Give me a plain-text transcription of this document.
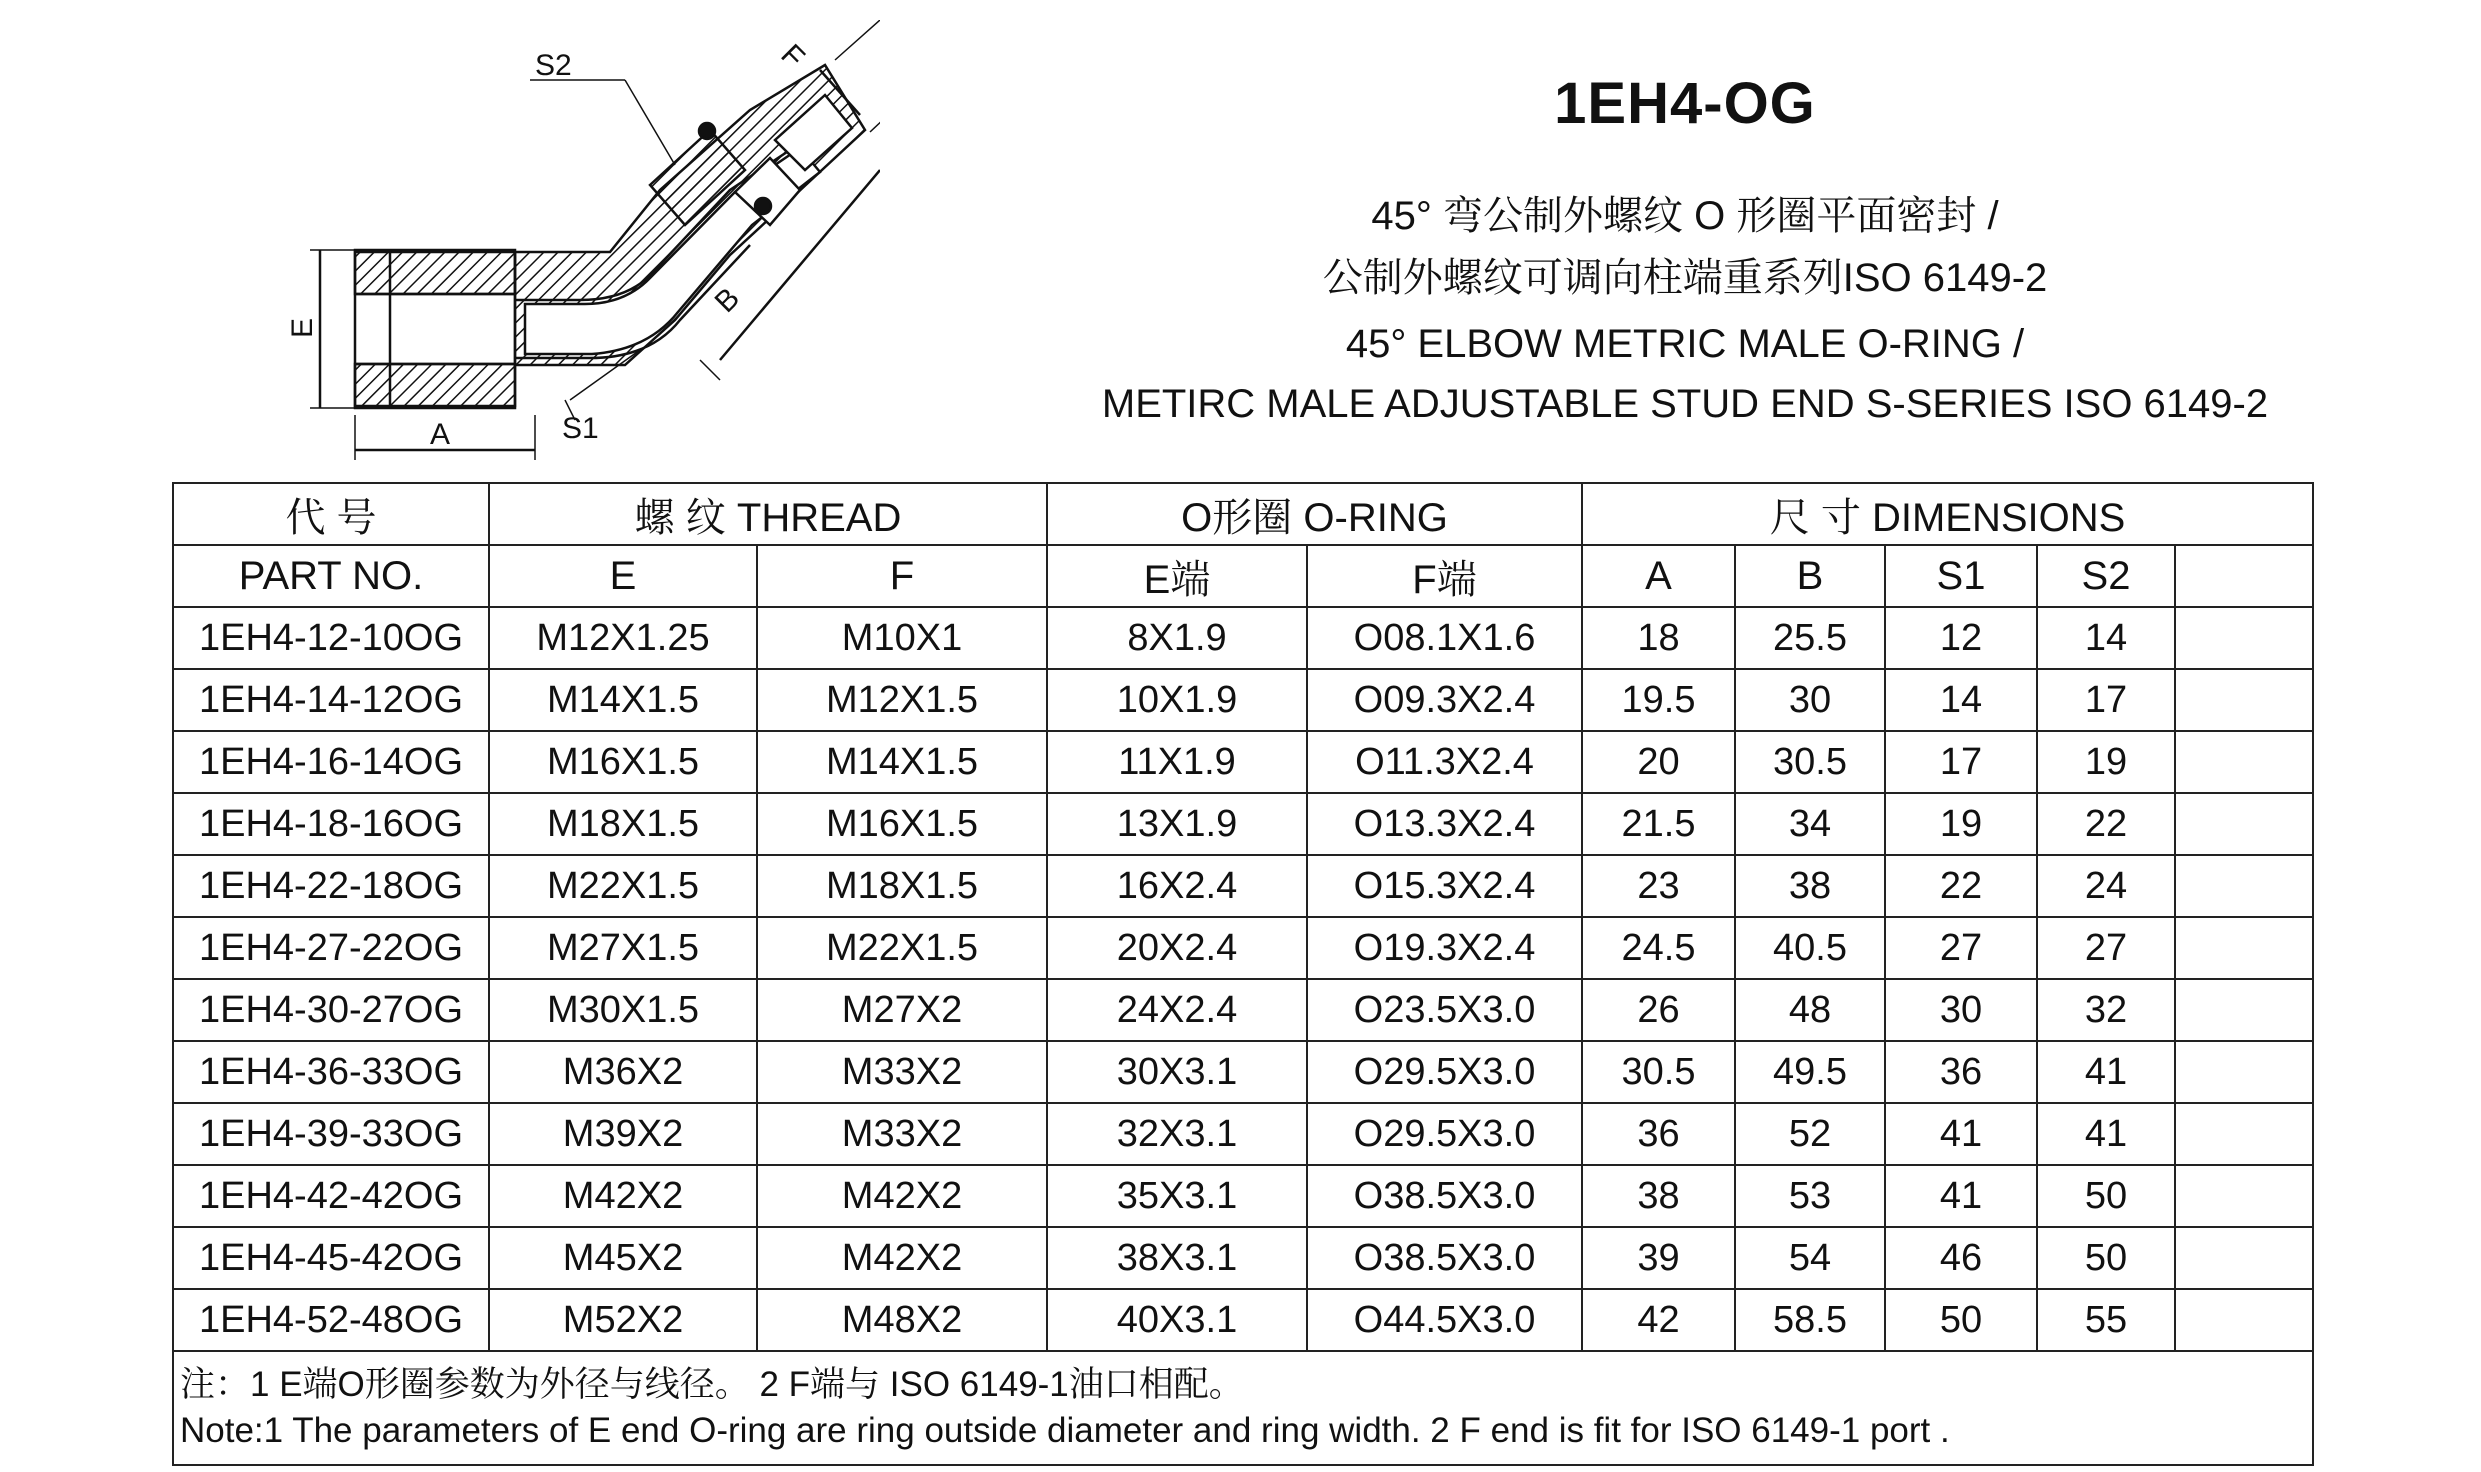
S2	F
E
B
A	S1
1EH4-OG
45° 弯公制外螺纹 O 形圈平面密封 /
公制外螺纹可调向柱端重系列ISO 6149-2
45° ELBOW METRIC MALE O-RING /
METIRC MALE ADJUSTABLE STUD END S-SERIES ISO 6149-2
代 号	螺 纹 THREAD		O形圈 O-RING		尺 寸 DIMENSIONS				
PART NO.	E	F	E端	F端	A	B	S1	S2	
1EH4-12-10OG	M12X1.25	M10X1	8X1.9	O08.1X1.6	18	25.5	12	14	
1EH4-14-12OG	M14X1.5	M12X1.5	10X1.9	O09.3X2.4	19.5	30	14	17	
1EH4-16-14OG	M16X1.5	M14X1.5	11X1.9	O11.3X2.4	20	30.5	17	19	
1EH4-18-16OG	M18X1.5	M16X1.5	13X1.9	O13.3X2.4	21.5	34	19	22	
1EH4-22-18OG	M22X1.5	M18X1.5	16X2.4	O15.3X2.4	23	38	22	24	
1EH4-27-22OG	M27X1.5	M22X1.5	20X2.4	O19.3X2.4	24.5	40.5	27	27	
1EH4-30-27OG	M30X1.5	M27X2	24X2.4	O23.5X3.0	26	48	30	32	
1EH4-36-33OG	M36X2	M33X2	30X3.1	O29.5X3.0	30.5	49.5	36	41	
1EH4-39-33OG	M39X2	M33X2	32X3.1	O29.5X3.0	36	52	41	41	
1EH4-42-42OG	M42X2	M42X2	35X3.1	O38.5X3.0	38	53	41	50	
1EH4-45-42OG	M45X2	M42X2	38X3.1	O38.5X3.0	39	54	46	50	
1EH4-52-48OG	M52X2	M48X2	40X3.1	O44.5X3.0	42	58.5	50	55	

注：1 E端O形圈参数为外径与线径。 2 F端与 ISO 6149-1油口相配。
Note:1 The parameters of E end O-ring are ring outside diameter and ring width. 2 F end is fit for ISO 6149-1 port .									
